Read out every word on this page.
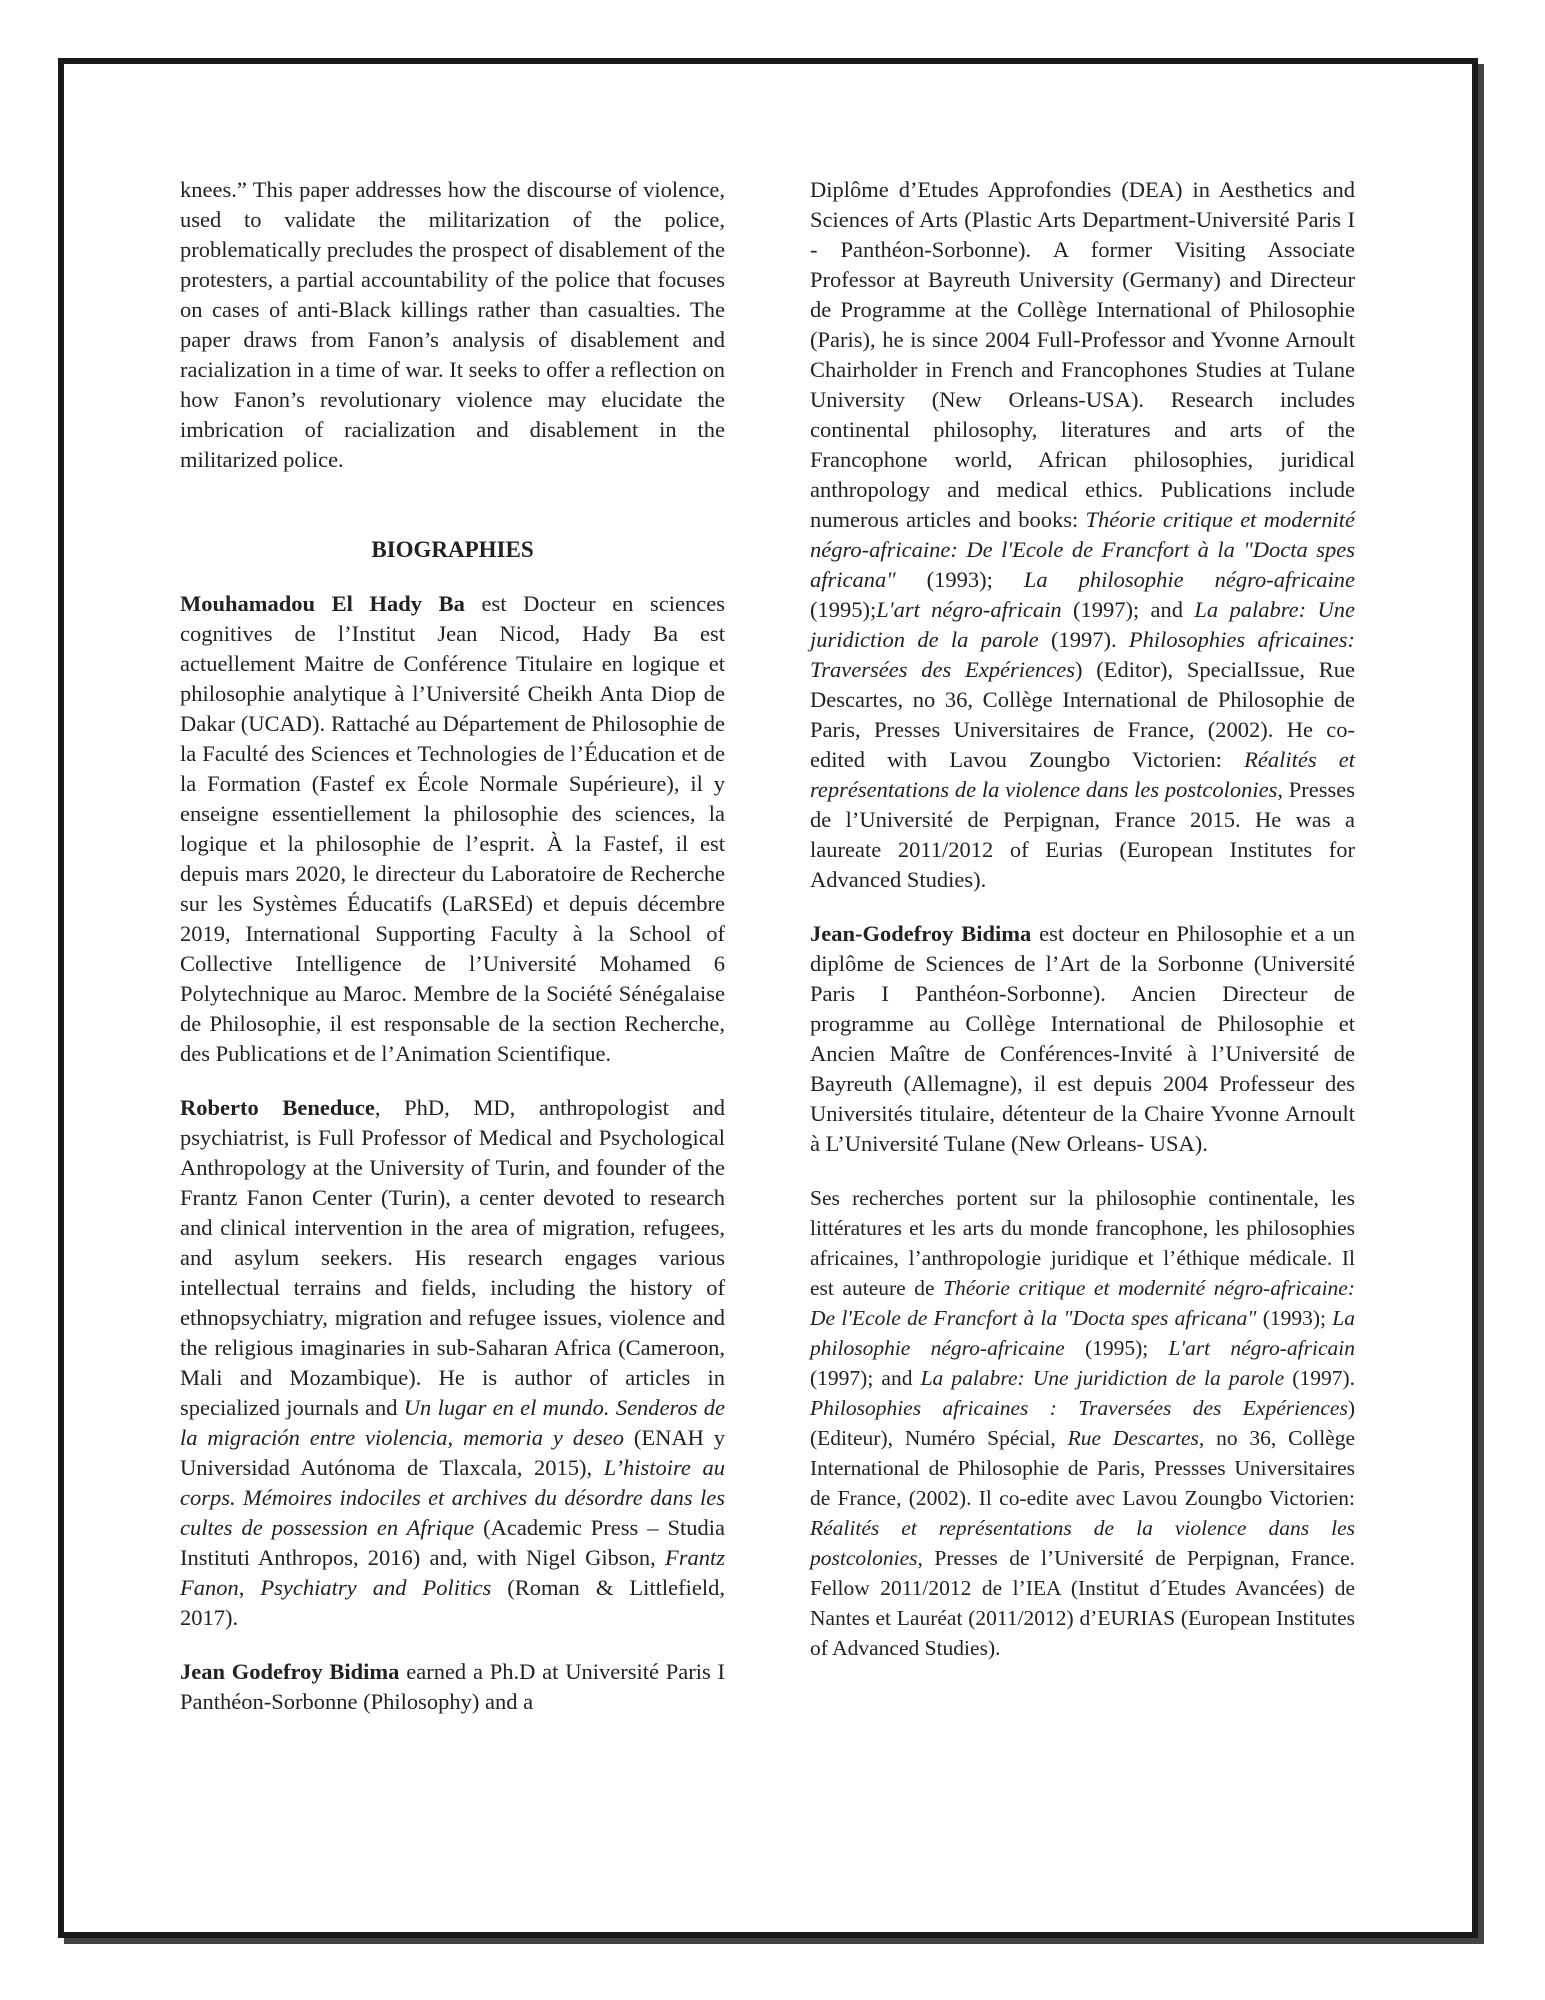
knees.” This paper addresses how the discourse of violence, used to validate the militarization of the police, problematically precludes the prospect of disablement of the protesters, a partial accountability of the police that focuses on cases of anti-Black killings rather than casualties. The paper draws from Fanon’s analysis of disablement and racialization in a time of war. It seeks to offer a reflection on how Fanon’s revolutionary violence may elucidate the imbrication of racialization and disablement in the militarized police.

BIOGRAPHIES

Mouhamadou El Hady Ba est Docteur en sciences cognitives de l’Institut Jean Nicod, Hady Ba est actuellement Maitre de Conférence Titulaire en logique et philosophie analytique à l’Université Cheikh Anta Diop de Dakar (UCAD). Rattaché au Département de Philosophie de la Faculté des Sciences et Technologies de l’Éducation et de la Formation (Fastef ex École Normale Supérieure), il y enseigne essentiellement la philosophie des sciences, la logique et la philosophie de l’esprit. À la Fastef, il est depuis mars 2020, le directeur du Laboratoire de Recherche sur les Systèmes Éducatifs (LaRSEd) et depuis décembre 2019, International Supporting Faculty à la School of Collective Intelligence de l’Université Mohamed 6 Polytechnique au Maroc. Membre de la Société Sénégalaise de Philosophie, il est responsable de la section Recherche, des Publications et de l’Animation Scientifique.

Roberto Beneduce, PhD, MD, anthropologist and psychiatrist, is Full Professor of Medical and Psychological Anthropology at the University of Turin, and founder of the Frantz Fanon Center (Turin), a center devoted to research and clinical intervention in the area of migration, refugees, and asylum seekers. His research engages various intellectual terrains and fields, including the history of ethnopsychiatry, migration and refugee issues, violence and the religious imaginaries in sub-Saharan Africa (Cameroon, Mali and Mozambique). He is author of articles in specialized journals and Un lugar en el mundo. Senderos de la migración entre violencia, memoria y deseo (ENAH y Universidad Autónoma de Tlaxcala, 2015), L’histoire au corps. Mémoires indociles et archives du désordre dans les cultes de possession en Afrique (Academic Press – Studia Instituti Anthropos, 2016) and, with Nigel Gibson, Frantz Fanon, Psychiatry and Politics (Roman & Littlefield, 2017).

Jean Godefroy Bidima earned a Ph.D at Université Paris I Panthéon-Sorbonne (Philosophy) and a

Diplôme d’Etudes Approfondies (DEA) in Aesthetics and Sciences of Arts (Plastic Arts Department-Université Paris I - Panthéon-Sorbonne). A former Visiting Associate Professor at Bayreuth University (Germany) and Directeur de Programme at the Collège International of Philosophie (Paris), he is since 2004 Full-Professor and Yvonne Arnoult Chairholder in French and Francophones Studies at Tulane University (New Orleans-USA). Research includes continental philosophy, literatures and arts of the Francophone world, African philosophies, juridical anthropology and medical ethics. Publications include numerous articles and books: Théorie critique et modernité négro-africaine: De l'Ecole de Francfort à la "Docta spes africana" (1993); La philosophie négro-africaine (1995);L'art négro-africain (1997); and La palabre: Une juridiction de la parole (1997). Philosophies africaines: Traversées des Expériences) (Editor), SpecialIssue, Rue Descartes, no 36, Collège International de Philosophie de Paris, Presses Universitaires de France, (2002). He co-edited with Lavou Zoungbo Victorien: Réalités et représentations de la violence dans les postcolonies, Presses de l’Université de Perpignan, France 2015. He was a laureate 2011/2012 of Eurias (European Institutes for Advanced Studies).

Jean-Godefroy Bidima est docteur en Philosophie et a un diplôme de Sciences de l’Art de la Sorbonne (Université Paris I Panthéon-Sorbonne). Ancien Directeur de programme au Collège International de Philosophie et Ancien Maître de Conférences-Invité à l’Université de Bayreuth (Allemagne), il est depuis 2004 Professeur des Universités titulaire, détenteur de la Chaire Yvonne Arnoult à L’Université Tulane (New Orleans- USA).

Ses recherches portent sur la philosophie continentale, les littératures et les arts du monde francophone, les philosophies africaines, l’anthropologie juridique et l’éthique médicale. Il est auteure de Théorie critique et modernité négro-africaine: De l'Ecole de Francfort à la "Docta spes africana" (1993); La philosophie négro-africaine (1995); L'art négro-africain (1997); and La palabre: Une juridiction de la parole (1997). Philosophies africaines : Traversées des Expériences) (Editeur), Numéro Spécial, Rue Descartes, no 36, Collège International de Philosophie de Paris, Pressses Universitaires de France, (2002). Il co-edite avec Lavou Zoungbo Victorien: Réalités et représentations de la violence dans les postcolonies, Presses de l’Université de Perpignan, France. Fellow 2011/2012 de l’IEA (Institut d´Etudes Avancées) de Nantes et Lauréat (2011/2012) d’EURIAS (European Institutes of Advanced Studies).
